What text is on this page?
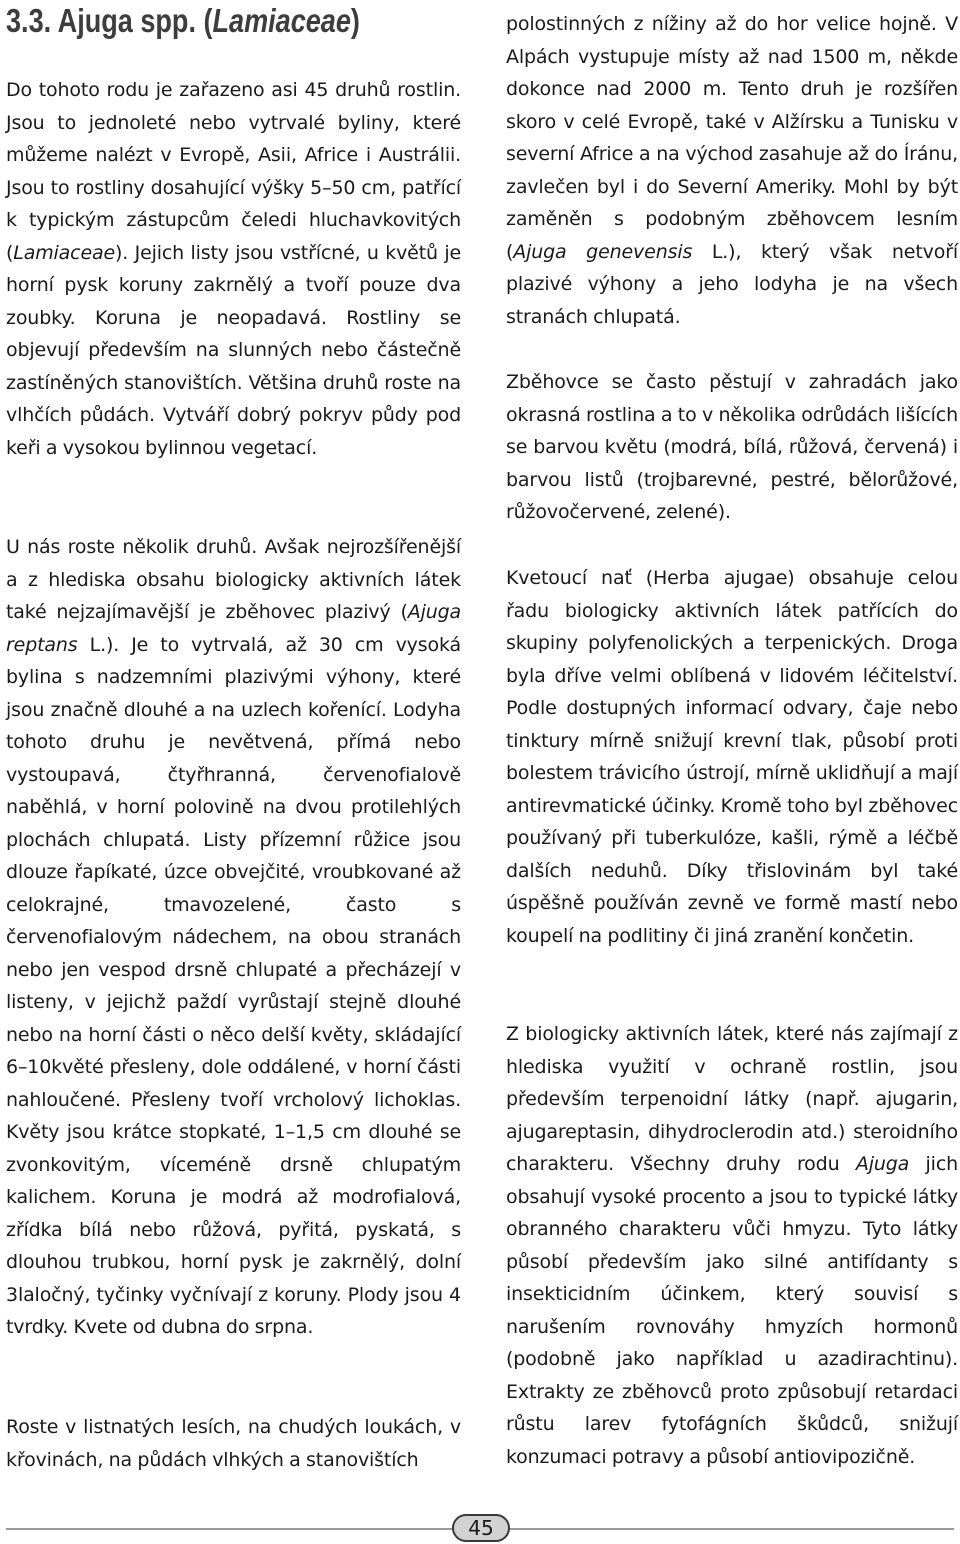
3.3. Ajuga spp. (Lamiaceae)

Do tohoto rodu je zařazeno asi 45 druhů rostlin. Jsou to jednoleté nebo vytrvalé byliny, které můžeme nalézt v Evropě, Asii, Africe i Austrálii. Jsou to rostliny dosahující výšky 5–50 cm, patřící k typickým zástupcům čeledi hluchavkovitých (Lamiaceae). Jejich listy jsou vstřícné, u květů je horní pysk koruny zakrnělý a tvoří pouze dva zoubky. Koruna je neopadavá. Rostliny se objevují především na slunných nebo částečně zastíněných stanovištích. Většina druhů roste na vlhčích půdách. Vytváří dobrý pokryv půdy pod keři a vysokou bylinnou vegetací.

U nás roste několik druhů. Avšak nejrozšířenější a z hlediska obsahu biologicky aktivních látek také nejzajímavější je zběhovec plazivý (Ajuga reptans L.). Je to vytrvalá, až 30 cm vysoká bylina s nadzemními plazivými výhony, které jsou značně dlouhé a na uzlech kořenící. Lodyha tohoto druhu je nevětvená, přímá nebo vystoupavá, čtyřhranná, červenofialově naběhlá, v horní polovině na dvou protilehlých plochách chlupatá. Listy přízemní růžice jsou dlouze řapíkaté, úzce obvejčité, vroubkované až celokrajné, tmavozelené, často s červenofialovým nádechem, na obou stranách nebo jen vespod drsně chlupaté a přecházejí v listeny, v jejichž paždí vyrůstají stejně dlouhé nebo na horní části o něco delší květy, skládající 6–10květé přesleny, dole oddálené, v horní části nahloučené. Přesleny tvoří vrcholový lichoklas. Květy jsou krátce stopkaté, 1–1,5 cm dlouhé se zvonkovitým, víceméně drsně chlupatým kalichem. Koruna je modrá až modrofialová, zřídka bílá nebo růžová, pyřitá, pyskatá, s dlouhou trubkou, horní pysk je zakrnělý, dolní 3laločný, tyčinky vyčnívají z koruny. Plody jsou 4 tvrdky. Kvete od dubna do srpna.

Roste v listnatých lesích, na chudých loukách, v křovinách, na půdách vlhkých a stanovištích

polostinných z nížiny až do hor velice hojně. V Alpách vystupuje místy až nad 1500 m, někde dokonce nad 2000 m. Tento druh je rozšířen skoro v celé Evropě, také v Alžírsku a Tunisku v severní Africe a na východ zasahuje až do Íránu, zavlečen byl i do Severní Ameriky. Mohl by být zaměněn s podobným zběhovcem lesním (Ajuga genevensis L.), který však netvoří plazivé výhony a jeho lodyha je na všech stranách chlupatá.

Zběhovce se často pěstují v zahradách jako okrasná rostlina a to v několika odrůdách lišících se barvou květu (modrá, bílá, růžová, červená) i barvou listů (trojbarevné, pestré, bělorůžové, růžovočervené, zelené).

Kvetoucí nať (Herba ajugae) obsahuje celou řadu biologicky aktivních látek patřících do skupiny polyfenolických a terpenických. Droga byla dříve velmi oblíbená v lidovém léčitelství. Podle dostupných informací odvary, čaje nebo tinktury mírně snižují krevní tlak, působí proti bolestem trávicího ústrojí, mírně uklidňují a mají antirevmatické účinky. Kromě toho byl zběhovec používaný při tuberkulóze, kašli, rýmě a léčbě dalších neduhů. Díky třislovinám byl také úspěšně používán zevně ve formě mastí nebo koupelí na podlitiny či jiná zranění končetin.

Z biologicky aktivních látek, které nás zajímají z hlediska využití v ochraně rostlin, jsou především terpenoidní látky (např. ajugarin, ajugareptasin, dihydroclerodin atd.) steroidního charakteru. Všechny druhy rodu Ajuga jich obsahují vysoké procento a jsou to typické látky obranného charakteru vůči hmyzu. Tyto látky působí především jako silné antifídanty s insekticidním účinkem, který souvisí s narušením rovnováhy hmyzích hormonů (podobně jako například u azadirachtinu). Extrakty ze zběhovců proto způsobují retardaci růstu larev fytofágních škůdců, snižují konzumaci potravy a působí antiovipozičně.

45
